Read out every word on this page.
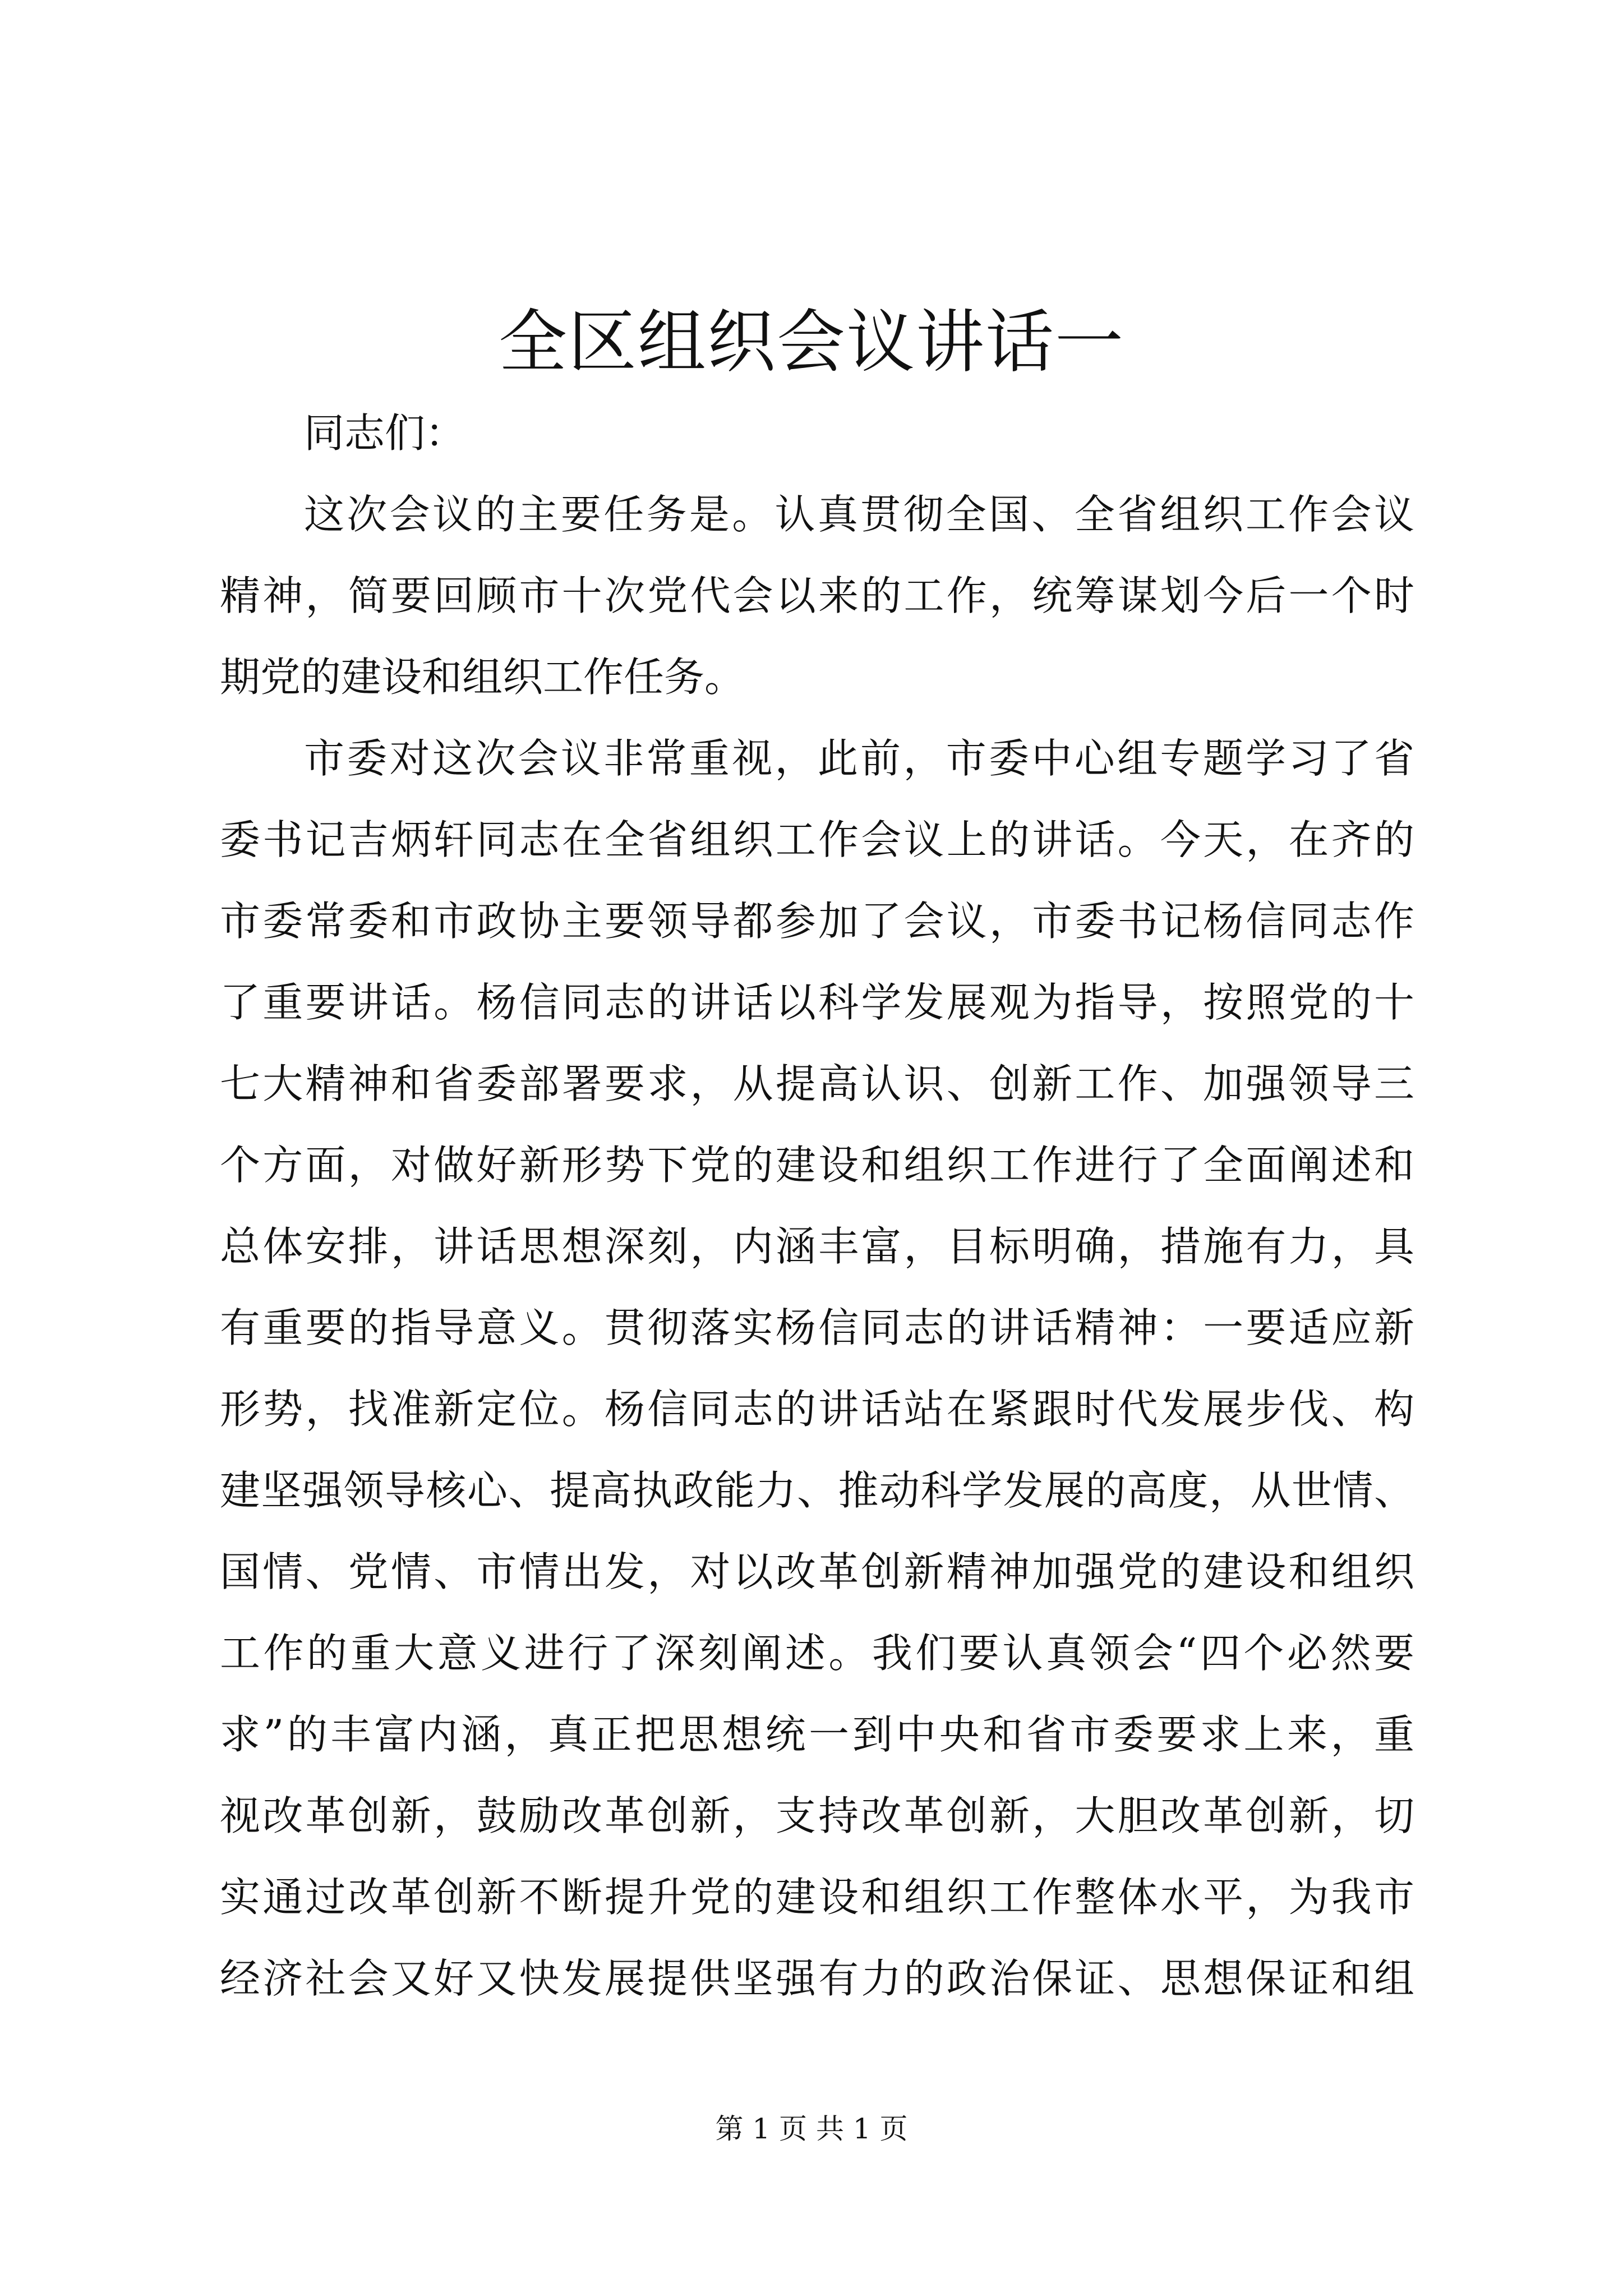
全区组织会议讲话一
同志们：
这次会议的主要任务是。认真贯彻全国、全省组织工作会议
精神，简要回顾市十次党代会以来的工作，统筹谋划今后一个时
期党的建设和组织工作任务。
市委对这次会议非常重视，此前，市委中心组专题学习了省
委书记吉炳轩同志在全省组织工作会议上的讲话。今天，在齐的
市委常委和市政协主要领导都参加了会议，市委书记杨信同志作
了重要讲话。杨信同志的讲话以科学发展观为指导，按照党的十
七大精神和省委部署要求，从提高认识、创新工作、加强领导三
个方面，对做好新形势下党的建设和组织工作进行了全面阐述和
总体安排，讲话思想深刻，内涵丰富，目标明确，措施有力，具
有重要的指导意义。贯彻落实杨信同志的讲话精神：一要适应新
形势，找准新定位。杨信同志的讲话站在紧跟时代发展步伐、构
建坚强领导核心、提高执政能力、推动科学发展的高度，从世情、
国情、党情、市情出发，对以改革创新精神加强党的建设和组织
工作的重大意义进行了深刻阐述。我们要认真领会“四个必然要
求”的丰富内涵，真正把思想统一到中央和省市委要求上来，重
视改革创新，鼓励改革创新，支持改革创新，大胆改革创新，切
实通过改革创新不断提升党的建设和组织工作整体水平，为我市
经济社会又好又快发展提供坚强有力的政治保证、思想保证和组
第 1 页 共 1 页
